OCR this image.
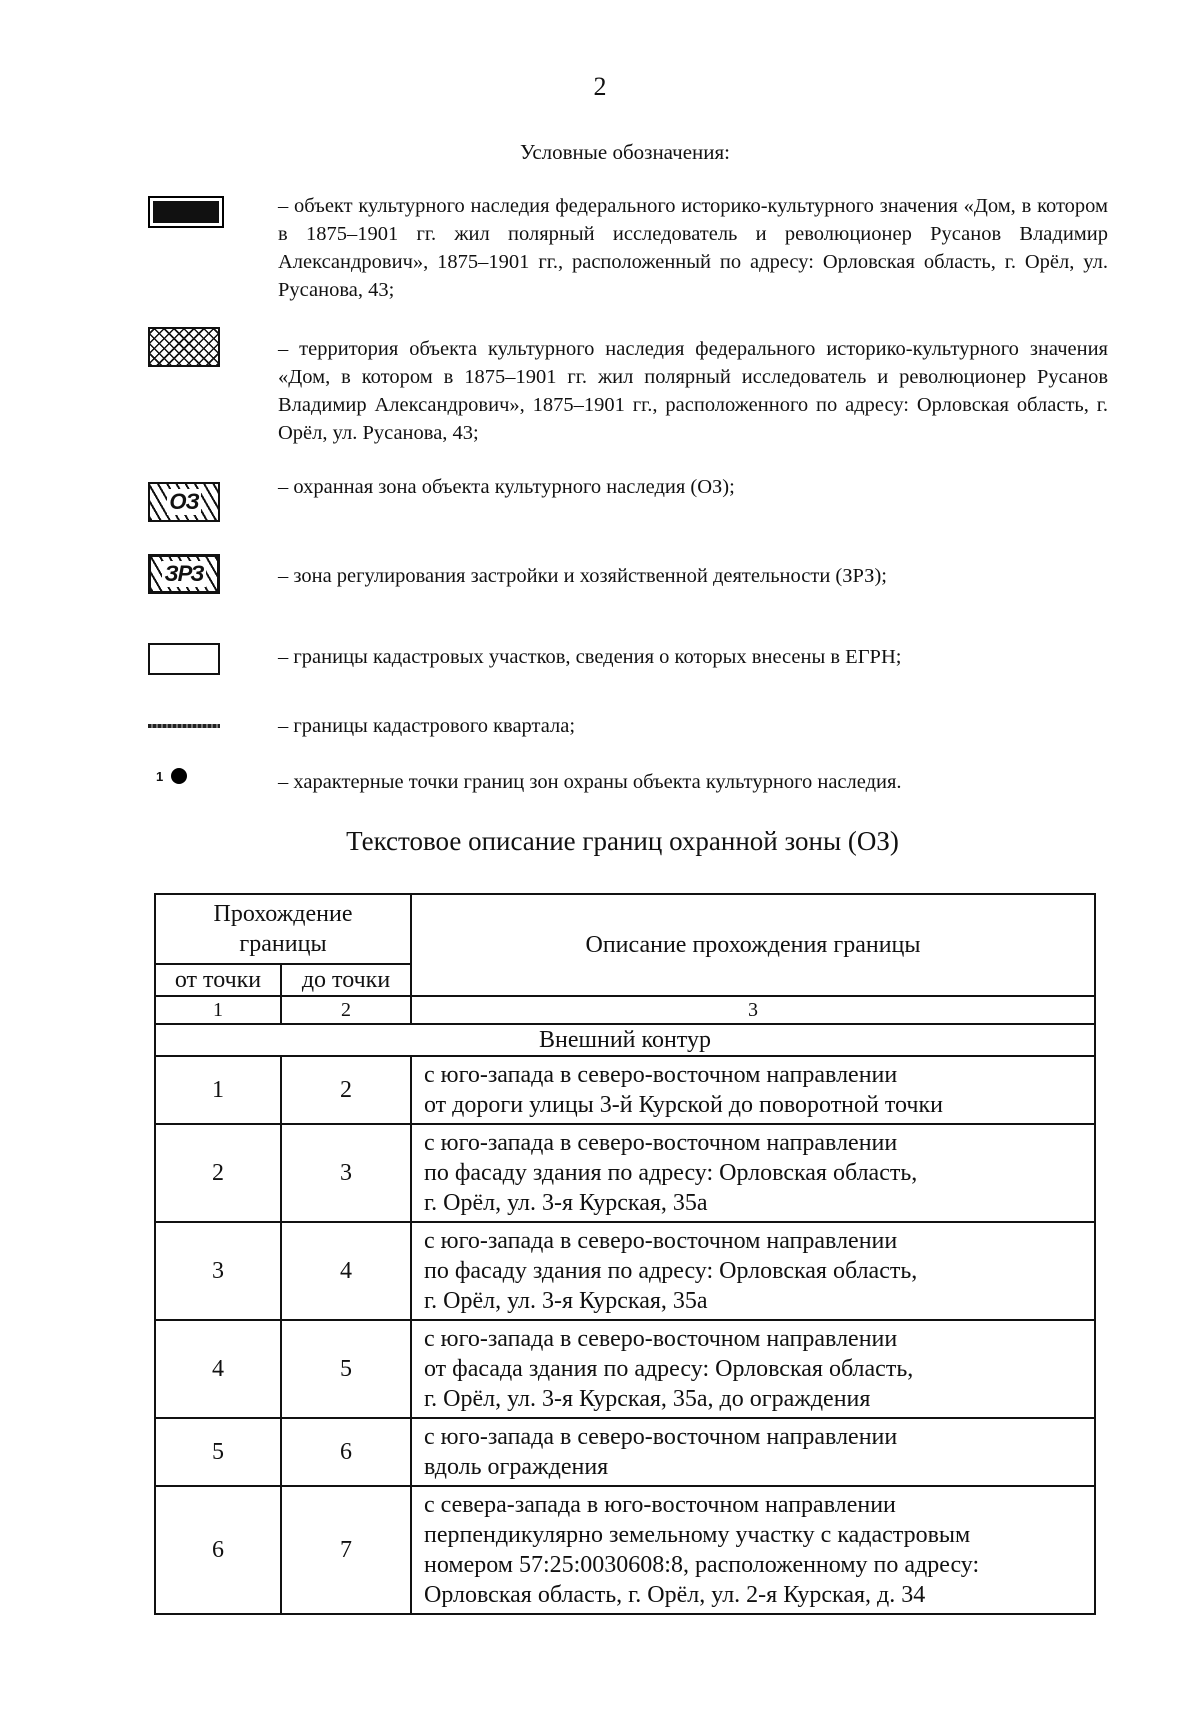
2
Условные обозначения:
– объект культурного наследия федерального историко-культурного значения «Дом, в котором в 1875–1901 гг. жил полярный исследователь и революционер Русанов Владимир Александрович», 1875–1901 гг., расположенный по адресу: Орловская область, г. Орёл, ул. Русанова, 43;
– территория объекта культурного наследия федерального историко-культурного значения «Дом, в котором в 1875–1901 гг. жил полярный исследователь и революционер Русанов Владимир Александрович», 1875–1901 гг., расположенного по адресу: Орловская область, г. Орёл, ул. Русанова, 43;
ОЗ
– охранная зона объекта культурного наследия (ОЗ);
ЗРЗ	– зона регулирования застройки и хозяйственной деятельности (ЗРЗ);
– границы кадастровых участков, сведения о которых внесены в ЕГРН;
– границы кадастрового квартала;
1	– характерные точки границ зон охраны объекта культурного наследия.
Текстовое описание границ охранной зоны (ОЗ)
Прохождение границы		Описание прохождения границы
от точки	до точки	
1	2	3
Внешний контур		
1	2	с юго-запада в северо-восточном направлении
от дороги улицы 3-й Курской до поворотной точки

2	3	с юго-запада в северо-восточном направлении
по фасаду здания по адресу: Орловская область,
г. Орёл, ул. 3-я Курская, 35а

3	4	с юго-запада в северо-восточном направлении
по фасаду здания по адресу: Орловская область,
г. Орёл, ул. 3-я Курская, 35а

4	5	с юго-запада в северо-восточном направлении
от фасада здания по адресу: Орловская область,
г. Орёл, ул. 3-я Курская, 35а, до ограждения

5	6	с юго-запада в северо-восточном направлении
вдоль ограждения

6	7	с севера-запада в юго-восточном направлении
перпендикулярно земельному участку с кадастровым
номером 57:25:0030608:8, расположенному по адресу:
Орловская область, г. Орёл, ул. 2-я Курская, д. 34
